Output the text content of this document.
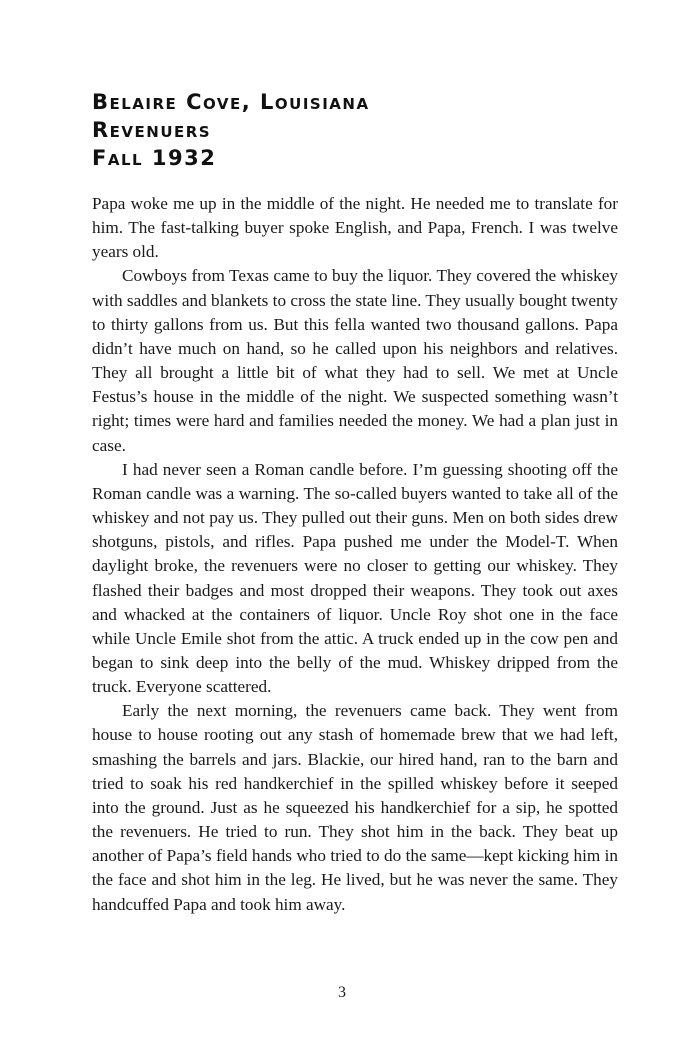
Belaire Cove, Louisiana
Revenuers
Fall 1932

Papa woke me up in the middle of the night. He needed me to translate for him. The fast-talking buyer spoke English, and Papa, French. I was twelve years old.

Cowboys from Texas came to buy the liquor. They covered the whiskey with saddles and blankets to cross the state line. They usually bought twenty to thirty gallons from us. But this fella wanted two thousand gallons. Papa didn’t have much on hand, so he called upon his neighbors and relatives. They all brought a little bit of what they had to sell. We met at Uncle Festus’s house in the middle of the night. We suspected something wasn’t right; times were hard and families needed the money. We had a plan just in case.

I had never seen a Roman candle before. I’m guessing shooting off the Roman candle was a warning. The so-called buyers wanted to take all of the whiskey and not pay us. They pulled out their guns. Men on both sides drew shotguns, pistols, and rifles. Papa pushed me under the Model-T. When daylight broke, the revenuers were no closer to getting our whiskey. They flashed their badges and most dropped their weapons. They took out axes and whacked at the containers of liquor. Uncle Roy shot one in the face while Uncle Emile shot from the attic. A truck ended up in the cow pen and began to sink deep into the belly of the mud. Whiskey dripped from the truck. Everyone scattered.

Early the next morning, the revenuers came back. They went from house to house rooting out any stash of homemade brew that we had left, smashing the barrels and jars. Blackie, our hired hand, ran to the barn and tried to soak his red handkerchief in the spilled whiskey before it seeped into the ground. Just as he squeezed his handkerchief for a sip, he spotted the revenuers. He tried to run. They shot him in the back. They beat up another of Papa’s field hands who tried to do the same—kept kicking him in the face and shot him in the leg. He lived, but he was never the same. They handcuffed Papa and took him away.

3
